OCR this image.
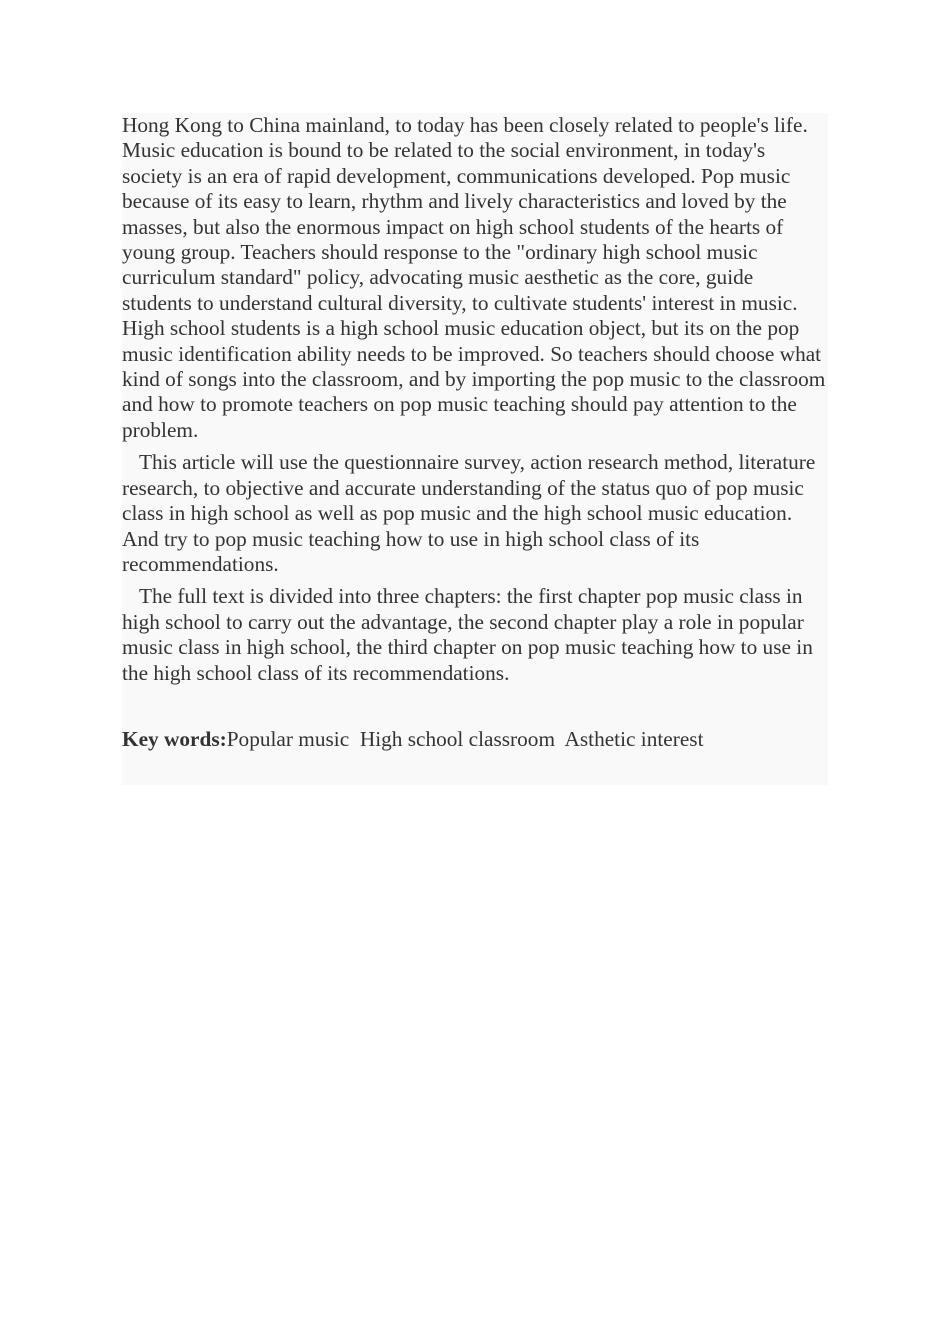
Hong Kong to China mainland, to today has been closely related to people's life. Music education is bound to be related to the social environment, in today's society is an era of rapid development, communications developed. Pop music because of its easy to learn, rhythm and lively characteristics and loved by the masses, but also the enormous impact on high school students of the hearts of young group. Teachers should response to the "ordinary high school music curriculum standard" policy, advocating music aesthetic as the core, guide students to understand cultural diversity, to cultivate students' interest in music. High school students is a high school music education object, but its on the pop music identification ability needs to be improved. So teachers should choose what kind of songs into the classroom, and by importing the pop music to the classroom and how to promote teachers on pop music teaching should pay attention to the problem.

This article will use the questionnaire survey, action research method, literature research, to objective and accurate understanding of the status quo of pop music class in high school as well as pop music and the high school music education. And try to pop music teaching how to use in high school class of its recommendations.

The full text is divided into three chapters: the first chapter pop music class in high school to carry out the advantage, the second chapter play a role in popular music class in high school, the third chapter on pop music teaching how to use in the high school class of its recommendations.

Key words:Popular music High school classroom Asthetic interest
